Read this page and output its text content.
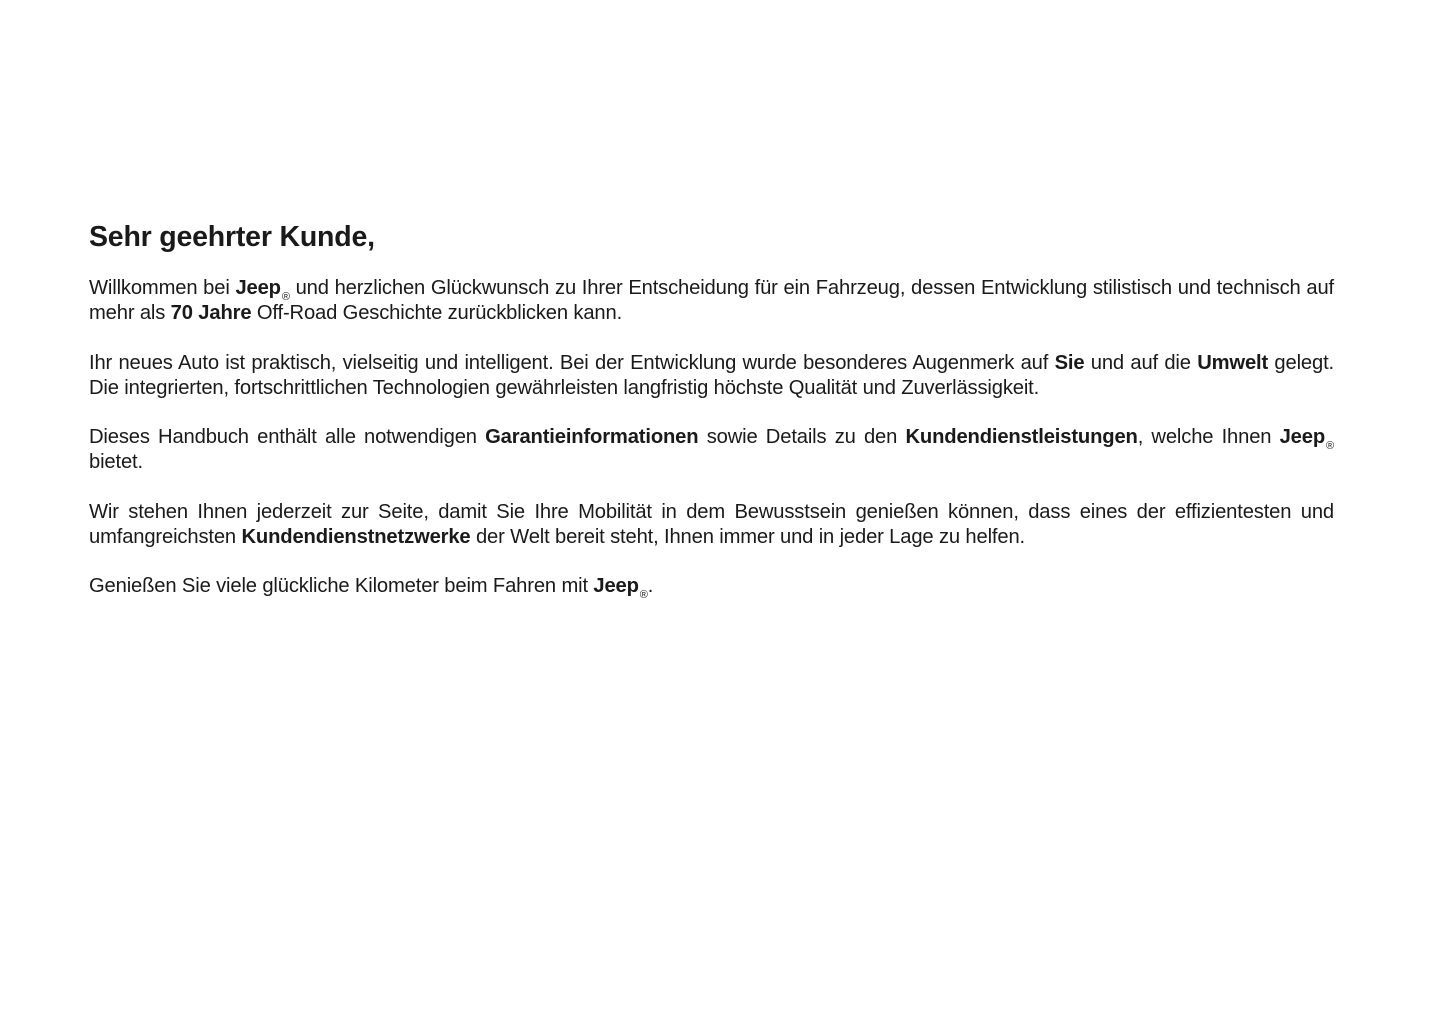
Sehr geehrter Kunde,

Willkommen bei Jeep$_®$ und herzlichen Glückwunsch zu Ihrer Entscheidung für ein Fahrzeug, dessen Entwicklung stilistisch und technisch auf mehr als 70 Jahre Off-Road Geschichte zurückblicken kann.

Ihr neues Auto ist praktisch, vielseitig und intelligent. Bei der Entwicklung wurde besonderes Augenmerk auf Sie und auf die Umwelt gelegt. Die integrierten, fortschrittlichen Technologien gewährleisten langfristig höchste Qualität und Zuverlässigkeit.

Dieses Handbuch enthält alle notwendigen Garantieinformationen sowie Details zu den Kundendienstleistungen, welche Ihnen Jeep$_®$ bietet.

Wir stehen Ihnen jederzeit zur Seite, damit Sie Ihre Mobilität in dem Bewusstsein genießen können, dass eines der effizientesten und umfangreichsten Kundendienstnetzwerke der Welt bereit steht, Ihnen immer und in jeder Lage zu helfen.

Genießen Sie viele glückliche Kilometer beim Fahren mit Jeep$_®$.
